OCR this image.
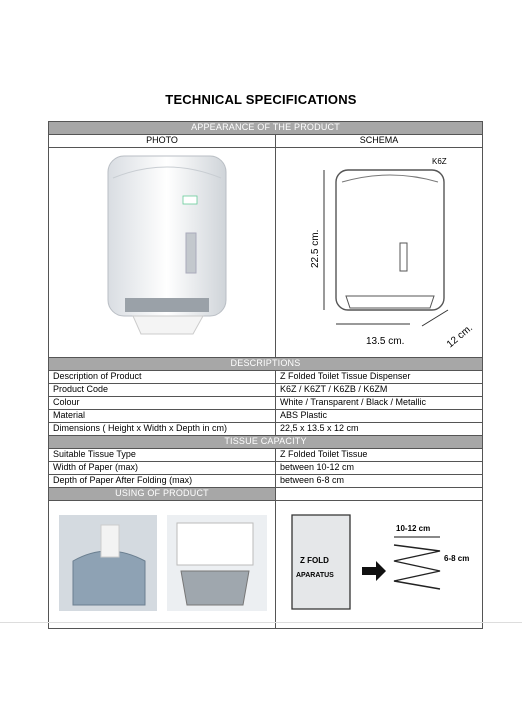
TECHNICAL SPECIFICATIONS
APPEARANCE OF THE PRODUCT	
PHOTO	SCHEMA

K6Z
22.5 cm.
13.5 cm. 12 cm.

DESCRIPTIONS	
Description of Product	Z Folded Toilet Tissue Dispenser
Product Code	K6Z / K6ZT / K6ZB / K6ZM
Colour	White / Transparent / Black / Metallic
Material	ABS Plastic
Dimensions ( Height x Width x Depth in cm)	22,5 x 13.5 x 12 cm
TISSUE CAPACITY	
Suitable Tissue Type	Z Folded Toilet Tissue
Width of Paper (max)	between 10-12 cm
Depth of Paper After Folding (max)	between 6-8 cm
USING OF PRODUCT	

Z FOLD
APARATUS
10-12 cm
6-8 cm
